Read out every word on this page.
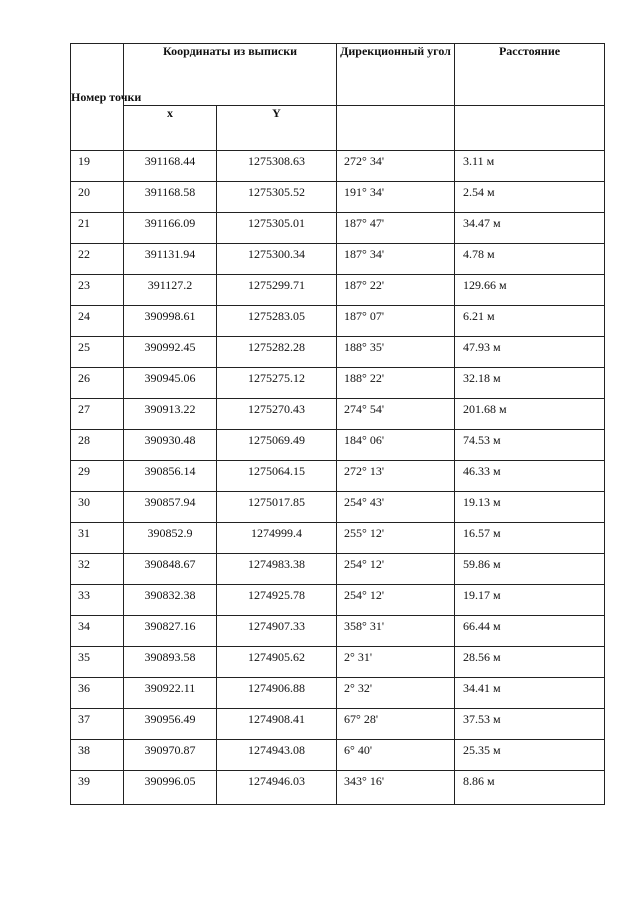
Номер точки	Координаты из выписки		Дирекционный угол	Расстояние
	x	Y		
19	391168.44	1275308.63	272° 34'	3.11 м
20	391168.58	1275305.52	191° 34'	2.54 м
21	391166.09	1275305.01	187° 47'	34.47 м
22	391131.94	1275300.34	187° 34'	4.78 м
23	391127.2	1275299.71	187° 22'	129.66 м
24	390998.61	1275283.05	187° 07'	6.21 м
25	390992.45	1275282.28	188° 35'	47.93 м
26	390945.06	1275275.12	188° 22'	32.18 м
27	390913.22	1275270.43	274° 54'	201.68 м
28	390930.48	1275069.49	184° 06'	74.53 м
29	390856.14	1275064.15	272° 13'	46.33 м
30	390857.94	1275017.85	254° 43'	19.13 м
31	390852.9	1274999.4	255° 12'	16.57 м
32	390848.67	1274983.38	254° 12'	59.86 м
33	390832.38	1274925.78	254° 12'	19.17 м
34	390827.16	1274907.33	358° 31'	66.44 м
35	390893.58	1274905.62	2° 31'	28.56 м
36	390922.11	1274906.88	2° 32'	34.41 м
37	390956.49	1274908.41	67° 28'	37.53 м
38	390970.87	1274943.08	6° 40'	25.35 м
39	390996.05	1274946.03	343° 16'	8.86 м
